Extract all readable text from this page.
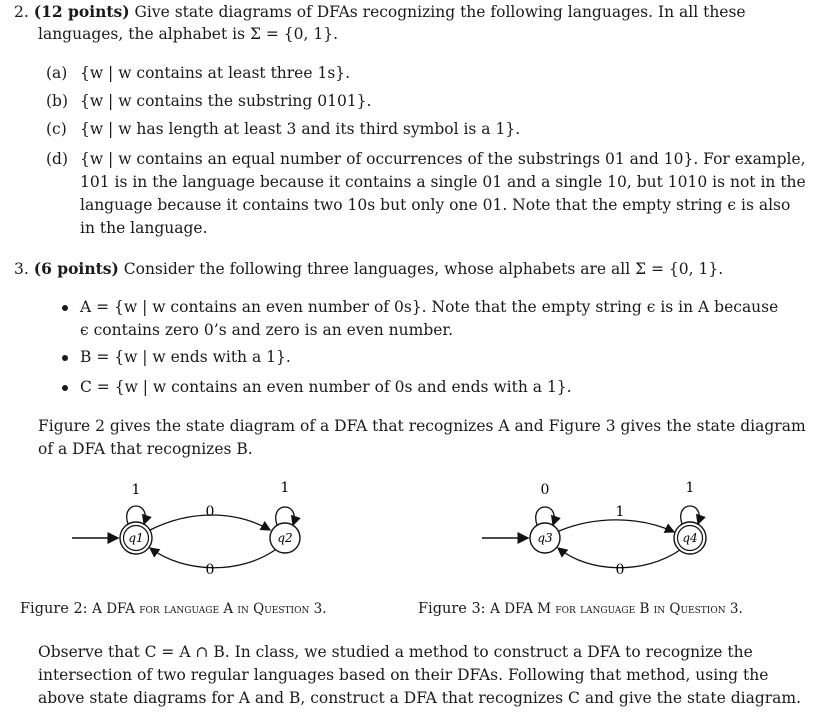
2. (12 points) Give state diagrams of DFAs recognizing the following languages. In all these
languages, the alphabet is Σ = {0, 1}.
(a) {w | w contains at least three 1s}.
(b) {w | w contains the substring 0101}.
(c) {w | w has length at least 3 and its third symbol is a 1}.
(d) {w | w contains an equal number of occurrences of the substrings 01 and 10}. For example,
101 is in the language because it contains a single 01 and a single 10, but 1010 is not in the
language because it contains two 10s but only one 01. Note that the empty string ϵ is also
in the language.
3. (6 points) Consider the following three languages, whose alphabets are all Σ = {0, 1}.
A = {w | w contains an even number of 0s}. Note that the empty string ϵ is in A because
ϵ contains zero 0’s and zero is an even number.
B = {w | w ends with a 1}.
C = {w | w contains an even number of 0s and ends with a 1}.
Figure 2 gives the state diagram of a DFA that recognizes A and Figure 3 gives the state diagram
of a DFA that recognizes B.
q1	q2
1	1
0
0
q3	q4
0	1
1
0
Figure 2: A DFA for language A in Question 3.	Figure 3: A DFA M for language B in Question 3.
Observe that C = A ∩ B. In class, we studied a method to construct a DFA to recognize the
intersection of two regular languages based on their DFAs. Following that method, using the
above state diagrams for A and B, construct a DFA that recognizes C and give the state diagram.
